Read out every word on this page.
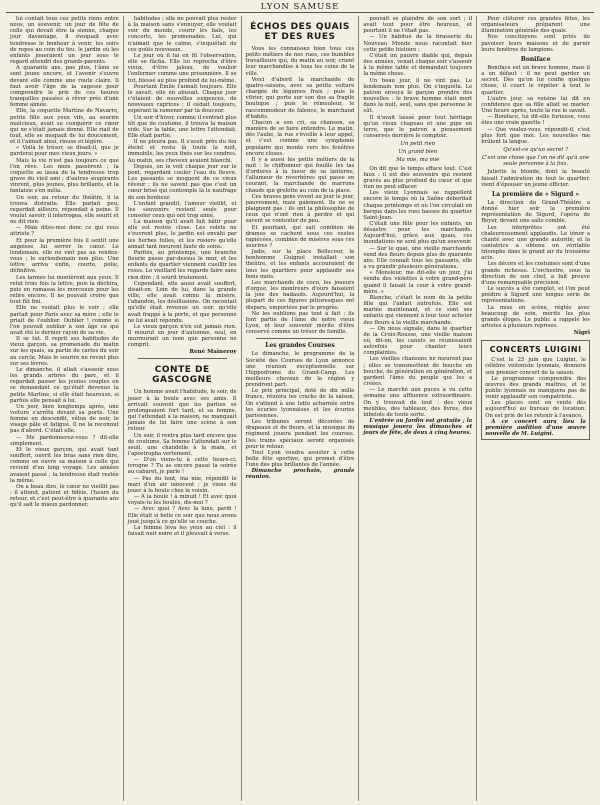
LYON SAMUSE

lui contait tous ces petits riens entre nous, un souvenir, un jour de fête de celle qui devait être la sienne, chaque jour davantage, il évoquait avec tendresse le bonheur à venir, les soirs de repos au coin du feu, le jardin où les enfants joueraient un jour sous le regard attendri des grands-parents.

À quarante ans, pas plus, l'âme se sent jeune encore, et l'avenir s'ouvre devant elle comme une route claire. Il faut avoir l'âge de la sagesse pour comprendre le prix de ces heures tranquilles passées à rêver près d'une femme aimée.

Elle, la coquette Martine de Navarre, petite fille aux yeux vifs, au sourire malicieux, avait su conquérir ce cœur qui ne s'était jamais donné. Elle riait de tout, elle se moquait de lui doucement, et il l'aimait ainsi, rieuse et légère.

« Voilà le trésor, se disait-il, que je garderai pour mes vieux jours. »

Mais la vie n'est pas toujours ce que l'on rêve. Les mois passèrent ; la coquette se lassa de la tendresse trop grave du vieil ami ; d'autres soupirants vinrent, plus jeunes, plus brillants, et la fantaisie s'en mêla.

Un soir, au retour du théâtre, il la trouva distraite. Elle parlait peu, regardait ailleurs, répondait à peine. Il voulut savoir, il interrogea, elle sourit et ne dit rien.

— Mais dites-moi donc ce qui vous attriste ?

Et pour la première fois il sentit une angoisse lui serrer le cœur. Le lendemain, elle ne vint pas au rendez-vous ; le surlendemain non plus. Une lettre arriva enfin, courte, polie, définitive.

Les larmes lui montèrent aux yeux. Il relut trois fois la lettre, puis la déchira, puis en ramassa les morceaux pour les relire encore. Il ne pouvait croire que tout fût fini.

Elle ne voulait plus le voir ; elle partait pour Paris avec sa mère ; elle le priait de l'oublier. Oublier ! comme si l'on pouvait oublier à son âge ce qui avait été le dernier rayon de sa vie.

Il se tut. Il reprit ses habitudes de vieux garçon, sa promenade du matin sur les quais, sa partie de cartes du soir au cercle. Mais le sourire ne revint plus sur ses lèvres.

Le dimanche, il allait s'asseoir sous les grands arbres du parc, et il regardait passer les jeunes couples en se demandant ce qu'était devenue la petite Martine, si elle était heureuse, si parfois elle pensait à lui.

Un jour, bien longtemps après, une voiture s'arrêta devant sa porte. Une femme en descendit, vêtue de noir, le visage pâle et fatigué. Il ne la reconnut pas d'abord. C'était elle.

— Me pardonnerez-vous ? dit-elle simplement.

Et le vieux garçon, qui avait tant souffert, ouvrit les bras sans rien dire, comme on ouvre sa maison à celle qui revient d'un long voyage. Les années avaient passé ; la tendresse était restée la même.

On a beau dire, le cœur ne vieillit pas ; il attend, patient et fidèle, l'heure du retour, et c'est peut-être à quarante ans qu'il sait le mieux pardonner.

habitudes ; elle ne pouvait plus rester à la maison sans s'ennuyer, elle voulait voir du monde, courir les bals, les concerts, les promenades. Lui, qui n'aimait que le calme, s'inquiétait de ces goûts nouveaux.

Le jour où il lui en fit l'observation, elle se fâcha. Elle lui reprocha d'être vieux, d'être jaloux, de vouloir l'enfermer comme une prisonnière. Il se tut, blessé au plus profond de lui-même.

Pourtant Émile l'aimait toujours. Elle le savait, elle en abusait. Chaque jour c'étaient de nouvelles exigences, de nouveaux caprices ; il cédait toujours, espérant la ramener par la douceur.

Un soir d'hiver, comme il rentrait plus tôt que de coutume, il trouva la maison vide. Sur la table, une lettre l'attendait. Elle était partie.

Il ne pleura pas. Il s'assit près du feu éteint et resta là toute la nuit, immobile, les yeux fixés sur les cendres. Au matin, ses cheveux avaient blanchi.

Depuis, on le voit chaque jour sur le pont, regardant couler l'eau du fleuve. Les passants se moquent de ce vieux rêveur ; ils ne savent pas que c'est un cœur brisé qui contemple là le naufrage de son bonheur.

L'enfant grandit, l'amour vieillit, et les souvenirs restent seuls pour consoler ceux qui ont trop aimé.

La maison qu'il avait fait bâtir pour elle est restée close. Les volets ne s'ouvrent plus, le jardin est envahi par les herbes folles, et les rosiers qu'elle aimait tant meurent faute de soins.

Parfois, au printemps, une branche fleurie passe par-dessus le mur, et les enfants du quartier viennent cueillir les roses. Le vieillard les regarde faire sans rien dire ; il sourit tristement.

Cependant, elle aussi avait souffert, disait-on. Loin de lui, dans la grande ville, elle avait connu la misère, l'abandon, les désillusions. On racontait qu'elle était revenue un soir, qu'elle avait frappé à la porte, et que personne ne lui avait répondu.

Le vieux garçon n'en sut jamais rien. Il mourut un jour d'automne, seul, en murmurant un nom que personne ne comprit.

René Maineroy
CONTE DE GASCOGNE

Un homme avait l'habitude, le soir, de jouer à la boule avec ses amis. Il arrivait souvent que les parties se prolongeaient fort tard, et sa femme, qui l'attendait à la maison, ne manquait jamais de lui faire une scène à son retour.

Un soir, il rentra plus tard encore que de coutume. Sa femme l'attendait sur le seuil, une chandelle à la main, et l'apostropha vertement.

— D'où viens-tu à cette heure-ci, ivrogne ? Tu as encore passé la soirée au cabaret, je parie !

— Pas du tout, ma mie, répondit le mari d'un air innocent ; je viens de jouer à la boule chez le voisin.

— À la boule ! à minuit ! Et avec quoi voyais-tu les boules, dis-moi ?

— Avec quoi ? Avec la lune, pardi ! Elle était si belle ce soir que nous avons joué jusqu'à ce qu'elle se couche.

La femme leva les yeux au ciel : il faisait nuit noire et il pleuvait à verse.

ÉCHOS DES QUAIS ET DES RUES

Vous les connaissez bien tous ces petits métiers de nos rues, ces humbles travailleurs qui, du matin au soir, crient leur marchandise à tous les coins de la ville.

Voici d'abord la marchande de quatre-saisons, avec sa petite voiture chargée de légumes frais ; puis le vitrier, qui porte sur son dos sa fragile boutique ; puis le rémouleur, le raccommodeur de faïence, le marchand d'habits.

Chacun a son cri, sa chanson, sa manière de se faire entendre. Le matin, dès l'aube, la rue s'éveille à leur appel, et c'est comme une symphonie populaire qui monte vers les fenêtres encore closes.

Il y a aussi les petits métiers de la nuit : le chiffonnier qui fouille les tas d'ordures à la lueur de sa lanterne, l'allumeur de réverbères qui passe en courant, la marchande de marrons chauds qui grelotte au coin de la place.

Ces braves gens vivent au jour le jour, pauvrement, mais gaiement. Ils ne se plaignent pas ; ils ont la philosophie de ceux qui n'ont rien à perdre et qui savent se contenter de peu.

Et pourtant, qui sait combien de drames se cachent sous ces vestes rapiécées, combien de misères sous ces sourires ?

Jadis, sur la place Bellecour, le bonhomme Guignol installait son théâtre, et les enfants accouraient de tous les quartiers pour applaudir ses bons mots.

Les marchands de coco, les joueurs d'orgue, les montreurs d'ours faisaient la joie des badauds. Aujourd'hui, la plupart de ces figures pittoresques ont disparu, emportées par le progrès.

Ne les oublions pas tout à fait : ils font partie de l'âme de notre vieux Lyon, et leur souvenir mérite d'être conservé comme un trésor de famille.

Les grandes Courses

Le dimanche, le programme de la Société des Courses de Lyon annonce une réunion exceptionnelle sur l'hippodrome du Grand-Camp. Les meilleurs chevaux de la région y prendront part.

Le prix principal, doté de dix mille francs, réunira les cracks de la saison. On s'attend à une lutte acharnée entre les écuries lyonnaises et les écuries parisiennes.

Les tribunes seront décorées de drapeaux et de fleurs, et la musique du régiment jouera pendant les courses. Des trains spéciaux seront organisés pour le retour.

Tout Lyon voudra assister à cette belle fête sportive, qui promet d'être l'une des plus brillantes de l'année.

Dimanche prochain, grande réunion.

pouvait se plaindre de son sort ; il avait tout pour être heureux, et pourtant il ne l'était pas.

— Un habitué de la brasserie du Nouveau Monde nous racontait hier cette petite histoire :

C'était un pauvre diable qui, depuis des années, venait chaque soir s'asseoir à la même table et demandait toujours la même chose.

Un beau jour, il ne vint pas. Le lendemain non plus. On s'inquiéta. Le patron envoya le garçon prendre des nouvelles : le brave homme était mort dans la nuit, seul, sans que personne le sût.

Il n'avait laissé pour tout héritage qu'un vieux chapeau et une pipe en terre, que le patron a pieusement conservés derrière le comptoir.

Un petit rien
Un grand bien
Ma mie, ma mie

On dit que le temps efface tout. C'est faux : il est des souvenirs qui restent gravés au plus profond du cœur et que rien ne peut effacer.

Les vieux Lyonnais se rappellent encore le temps où la Saône débordait chaque printemps et où l'on circulait en barque dans les rues basses du quartier Saint-Jean.

C'était une fête pour les enfants, un désastre pour les marchands. Aujourd'hui, grâce aux quais, ces inondations ne sont plus qu'un souvenir.

— Sur le quai, une vieille marchande vend des fleurs depuis plus de quarante ans. Elle connaît tous les passants, elle a vu grandir plusieurs générations.

« Monsieur, me dit-elle un jour, j'ai vendu des violettes à votre grand-père quand il faisait la cour à votre grand-mère. »

Blanche, c'était le nom de la petite fille qui l'aidait autrefois. Elle est mariée maintenant, et ce sont ses enfants qui viennent à leur tour acheter des fleurs à la vieille marchande.

— On nous signale, dans le quartier de la Croix-Rousse, une vieille maison où, dit-on, les canuts se réunissaient autrefois pour chanter leurs complaintes.

Les vieilles chansons ne meurent pas ; elles se transmettent de bouche en bouche, de génération en génération, et gardent l'âme du peuple qui les a créées.

— Le marché aux puces a vu cette semaine une affluence extraordinaire. On y trouvait de tout : des vieux meubles, des tableaux, des livres, des bibelots de toute sorte.

L'entrée au Jardin est gratuite ; la musique jouera les dimanches et jours de fête, de deux à cinq heures.

Pour clôturer ces grandes fêtes, les organisateurs préparent une illumination générale des quais.

Nos concitoyens sont priés de pavoiser leurs maisons et de garnir leurs fenêtres de lampions.

Boniface

Boniface est un brave homme, mais il a un défaut : il ne peut garder un secret. Dès qu'on lui confie quelque chose, il court le répéter à tout le quartier.

L'autre jour, sa voisine lui dit en confidence que sa fille allait se marier. Une heure après, toute la rue le savait.

— Boniface, lui dit-elle furieuse, vous êtes une vraie gazette !

— Que voulez-vous, répondit-il, c'est plus fort que moi. Les nouvelles me brûlent la langue.

Qu'est-ce qu'un secret ?
C'est une chose que l'on ne dit qu'à une seule personne à la fois.

Juliette la blonde, dont la beauté faisait l'admiration de tout le quartier, vient d'épouser un jeune officier.

La première de « Sigurd »

La direction du Grand-Théâtre a donné hier soir la première représentation de Sigurd, l'opéra de Reyer, devant une salle comble.

Les interprètes ont été chaleureusement applaudis. Le ténor a chanté avec une grande autorité, et la cantatrice a obtenu un véritable triomphe dans le grand air du troisième acte.

Les décors et les costumes sont d'une grande richesse. L'orchestre, sous la direction de son chef, a fait preuve d'une remarquable précision.

Le succès a été complet, et l'on peut prédire à Sigurd une longue série de représentations.

La mise en scène, réglée avec beaucoup de soin, mérite les plus grands éloges. Le public a rappelé les artistes à plusieurs reprises.

Nigri
CONCERTS LUIGINI

C'est le 25 juin que Luigini, le célèbre violoniste lyonnais, donnera son premier concert de la saison.

Le programme comprendra des œuvres des grands maîtres, et le public lyonnais ne manquera pas de venir applaudir son compatriote.

Les places sont en vente dès aujourd'hui au bureau de location. On est prié de les retenir à l'avance.

À ce concert aura lieu la première audition d'une œuvre nouvelle de M. Luigini.
